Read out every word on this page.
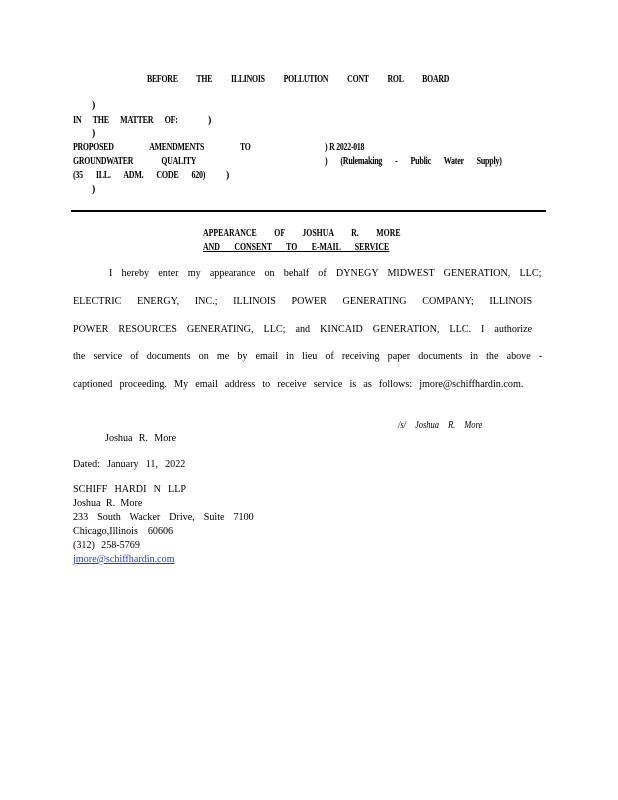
BEFORE THE ILLINOIS POLLUTION CONT ROL BOARD
)
IN THE MATTER OF:	)
)
PROPOSED AMENDMENTS TO	) R 2022-018
GROUNDWATER QUALITY	) (Rulemaking - Public Water Supply)
(35 ILL. ADM. CODE 620) )
)
APPEARANCE OF JOSHUA R. MORE
AND CONSENT TO E-MAIL SERVICE
I hereby enter my appearance on behalf of DYNEGY MIDWEST GENERATION, LLC;
ELECTRIC ENERGY, INC.; ILLINOIS POWER GENERATING COMPANY; ILLINOIS
POWER RESOURCES GENERATING, LLC; and KINCAID GENERATION, LLC. I authorize
the service of documents on me by email in lieu of receiving paper documents in the above -
captioned proceeding. My email address to receive service is as follows: jmore@schiffhardin.com.
/s/ Joshua R. More
Joshua R. More
Dated: January 11, 2022
SCHIFF HARDI N LLP
Joshua R. More
233 South Wacker Drive, Suite 7100
Chicago,Illinois 60606
(312) 258-5769
jmore@schiffhardin.com
